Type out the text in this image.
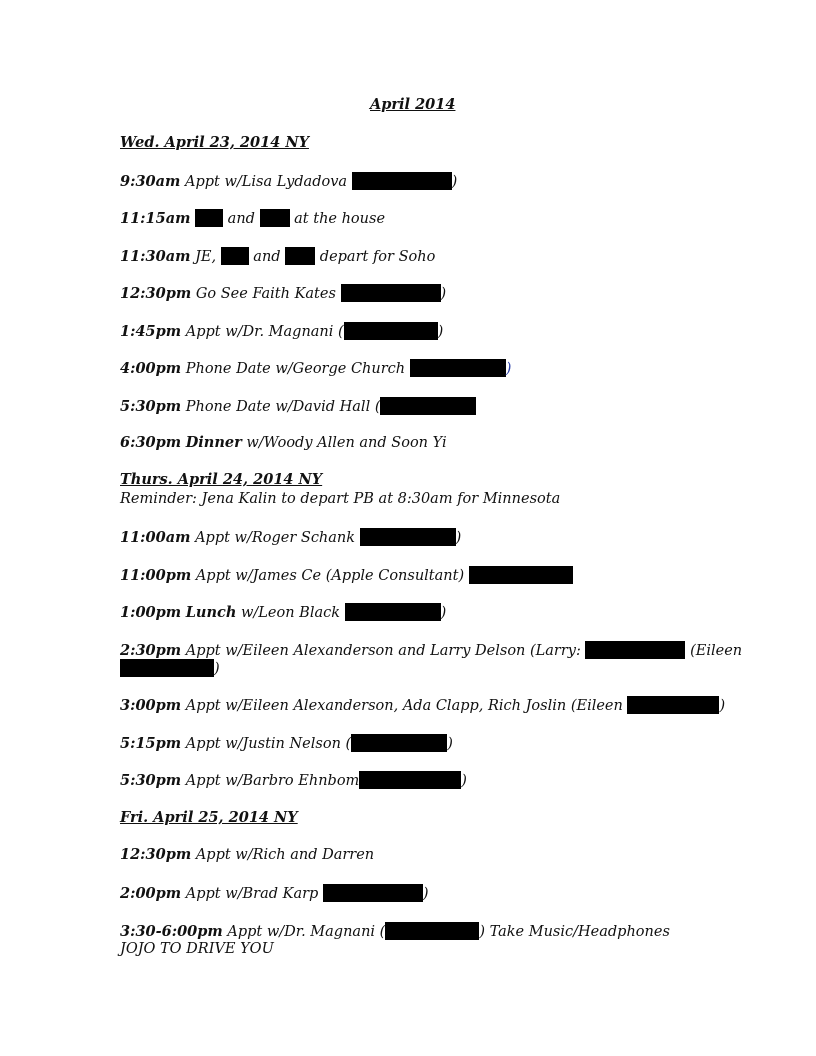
April 2014
Wed. April 23, 2014 NY
9:30am Appt w/Lisa Lydadova	)
11:15am	and	at the house
11:30am JE,	and	depart for Soho
12:30pm Go See Faith Kates	)
1:45pm Appt w/Dr. Magnani (	)
4:00pm Phone Date w/George Church	)
5:30pm Phone Date w/David Hall (
6:30pm Dinner w/Woody Allen and Soon Yi
Thurs. April 24, 2014 NY
Reminder: Jena Kalin to depart PB at 8:30am for Minnesota
11:00am Appt w/Roger Schank	)
11:00pm Appt w/James Ce (Apple Consultant)
1:00pm Lunch w/Leon Black	)
2:30pm Appt w/Eileen Alexanderson and Larry Delson (Larry:	(Eileen
)
3:00pm Appt w/Eileen Alexanderson, Ada Clapp, Rich Joslin (Eileen	)
5:15pm Appt w/Justin Nelson (	)
5:30pm Appt w/Barbro Ehnbom	)
Fri. April 25, 2014 NY
12:30pm Appt w/Rich and Darren
2:00pm Appt w/Brad Karp	)
3:30-6:00pm Appt w/Dr. Magnani (	) Take Music/Headphones
JOJO TO DRIVE YOU
